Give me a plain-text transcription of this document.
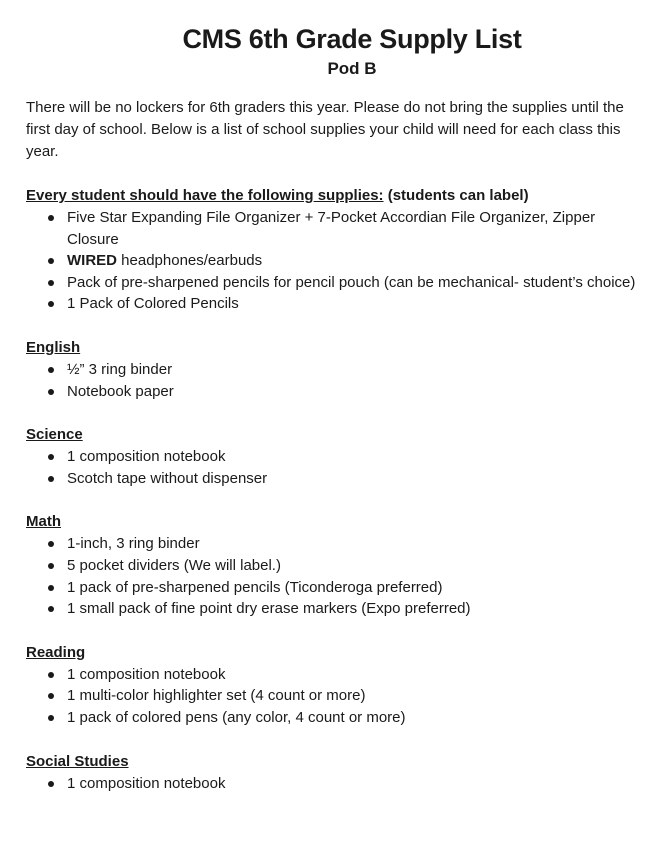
CMS 6th Grade Supply List
Pod B

There will be no lockers for 6th graders this year. Please do not bring the supplies until the first day of school. Below is a list of school supplies your child will need for each class this year.

Every student should have the following supplies: (students can label)

Five Star Expanding File Organizer + 7-Pocket Accordian File Organizer, Zipper Closure
WIRED headphones/earbuds
Pack of pre-sharpened pencils for pencil pouch (can be mechanical- student’s choice)
1 Pack of Colored Pencils

English

½” 3 ring binder
Notebook paper

Science

1 composition notebook
Scotch tape without dispenser

Math

1-inch, 3 ring binder
5 pocket dividers (We will label.)
1 pack of pre-sharpened pencils (Ticonderoga preferred)
1 small pack of fine point dry erase markers (Expo preferred)

Reading

1 composition notebook
1 multi-color highlighter set (4 count or more)
1 pack of colored pens (any color, 4 count or more)

Social Studies

1 composition notebook
